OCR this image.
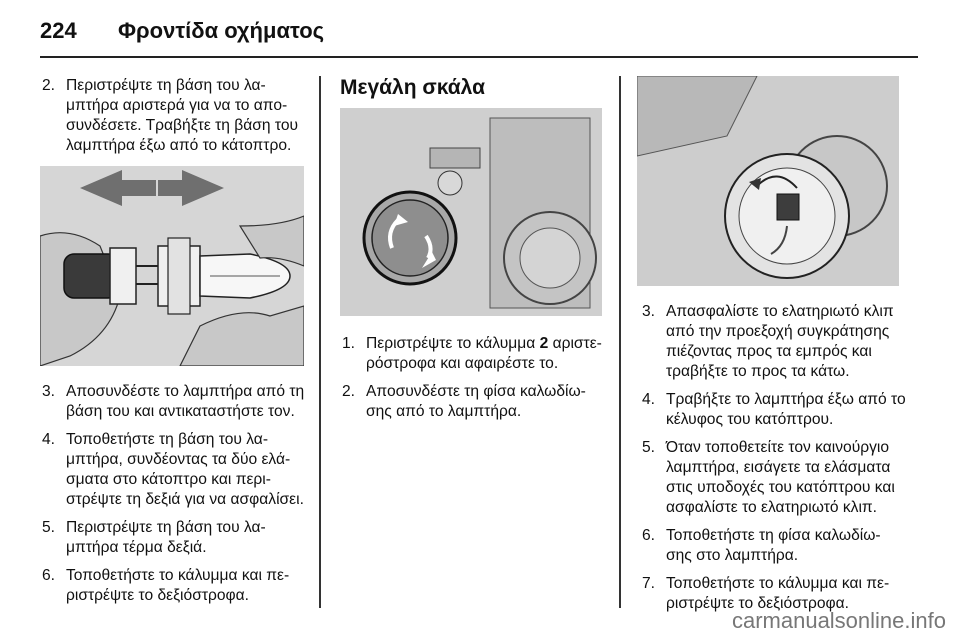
224 Φροντίδα οχήματος
2. Περιστρέψτε τη βάση του λα-μπτήρα αριστερά για να το απο-συνδέσετε. Τραβήξτε τη βάση του λαμπτήρα έξω από το κάτοπτρο.
3. Αποσυνδέστε το λαμπτήρα από τη βάση του και αντικαταστήστε τον.
4. Τοποθετήστε τη βάση του λα-μπτήρα, συνδέοντας τα δύο ελά-σματα στο κάτοπτρο και περι-στρέψτε τη δεξιά για να ασφαλίσει.
5. Περιστρέψτε τη βάση του λα-μπτήρα τέρμα δεξιά.
6. Τοποθετήστε το κάλυμμα και πε-ριστρέψτε το δεξιόστροφα.
Μεγάλη σκάλα
1. Περιστρέψτε το κάλυμμα 2 αριστε-ρόστροφα και αφαιρέστε το.
2. Αποσυνδέστε τη φίσα καλωδίω-σης από το λαμπτήρα.
3. Απασφαλίστε το ελατηριωτό κλιπ από την προεξοχή συγκράτησης πιέζοντας προς τα εμπρός και τραβήξτε το προς τα κάτω.
4. Τραβήξτε το λαμπτήρα έξω από το κέλυφος του κατόπτρου.
5. Όταν τοποθετείτε τον καινούργιο λαμπτήρα, εισάγετε τα ελάσματα στις υποδοχές του κατόπτρου και ασφαλίστε το ελατηριωτό κλιπ.
6. Τοποθετήστε τη φίσα καλωδίω-σης στο λαμπτήρα.
7. Τοποθετήστε το κάλυμμα και πε-ριστρέψτε το δεξιόστροφα.
carmanualsonline.info
